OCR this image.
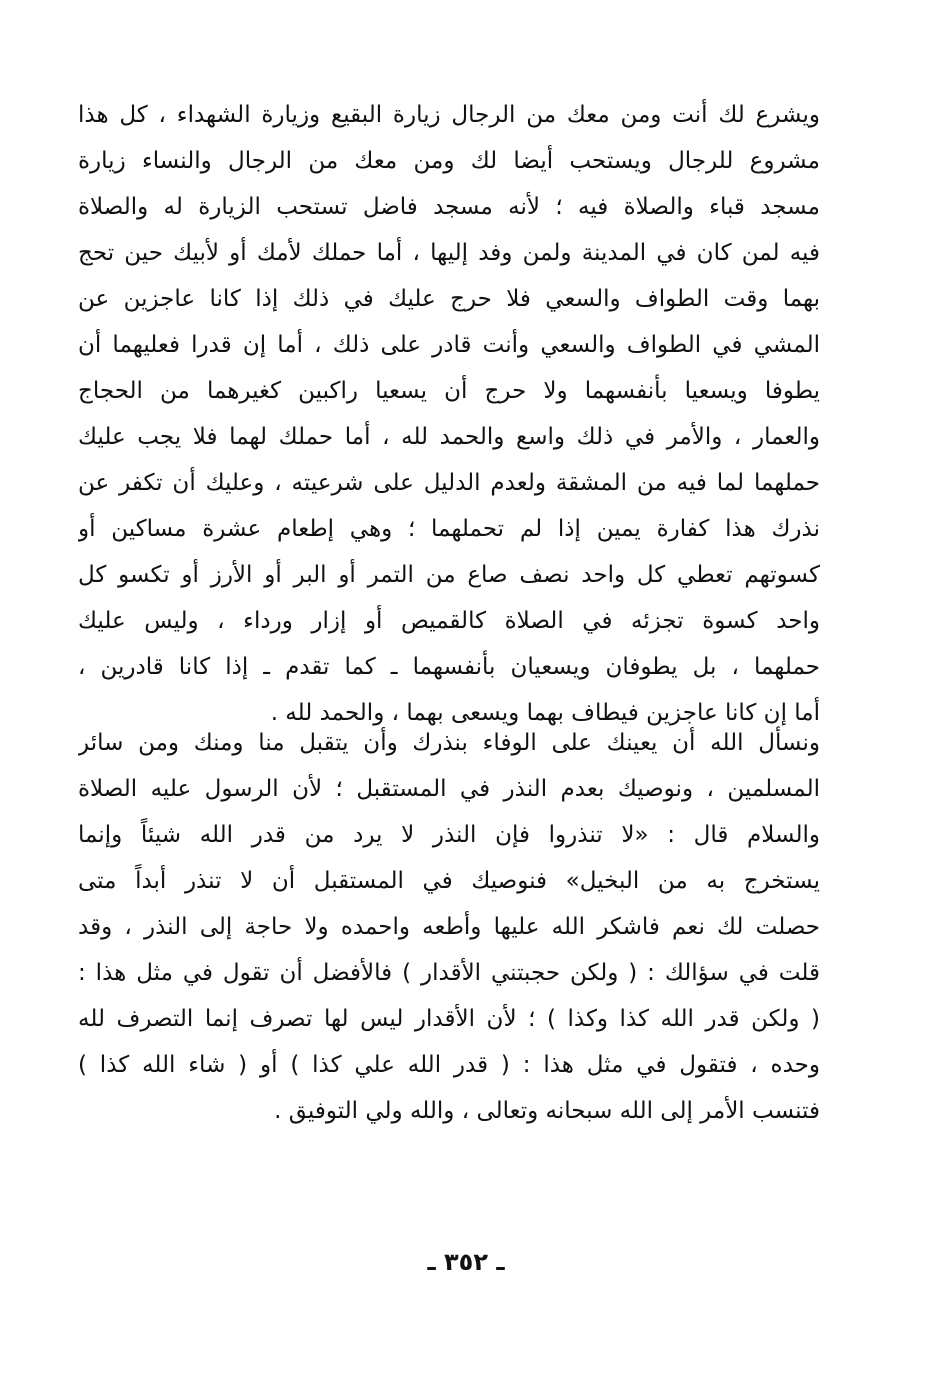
ويشرع لك أنت ومن معك من الرجال زيارة البقيع وزيارة الشهداء ، كل هذا
مشروع للرجال ويستحب أيضا لك ومن معك من الرجال والنساء زيارة
مسجد قباء والصلاة فيه ؛ لأنه مسجد فاضل تستحب الزيارة له والصلاة
فيه لمن كان في المدينة ولمن وفد إليها ، أما حملك لأمك أو لأبيك حين تحج
بهما وقت الطواف والسعي فلا حرج عليك في ذلك إذا كانا عاجزين عن
المشي في الطواف والسعي وأنت قادر على ذلك ، أما إن قدرا فعليهما أن
يطوفا ويسعيا بأنفسهما ولا حرج أن يسعيا راكبين كغيرهما من الحجاج
والعمار ، والأمر في ذلك واسع والحمد لله ، أما حملك لهما فلا يجب عليك
حملهما لما فيه من المشقة ولعدم الدليل على شرعيته ، وعليك أن تكفر عن
نذرك هذا كفارة يمين إذا لم تحملهما ؛ وهي إطعام عشرة مساكين أو
كسوتهم تعطي كل واحد نصف صاع من التمر أو البر أو الأرز أو تكسو كل
واحد كسوة تجزئه في الصلاة كالقميص أو إزار ورداء ، وليس عليك
حملهما ، بل يطوفان ويسعيان بأنفسهما ـ كما تقدم ـ إذا كانا قادرين ،
أما إن كانا عاجزين فيطاف بهما ويسعى بهما ، والحمد لله .
ونسأل الله أن يعينك على الوفاء بنذرك وأن يتقبل منا ومنك ومن سائر
المسلمين ، ونوصيك بعدم النذر في المستقبل ؛ لأن الرسول عليه الصلاة
والسلام قال : «لا تنذروا فإن النذر لا يرد من قدر الله شيئاً وإنما
يستخرج به من البخيل» فنوصيك في المستقبل أن لا تنذر أبداً متى
حصلت لك نعم فاشكر الله عليها وأطعه واحمده ولا حاجة إلى النذر ، وقد
قلت في سؤالك : ( ولكن حجبتني الأقدار ) فالأفضل أن تقول في مثل هذا :
( ولكن قدر الله كذا وكذا ) ؛ لأن الأقدار ليس لها تصرف إنما التصرف لله
وحده ، فتقول في مثل هذا : ( قدر الله علي كذا ) أو ( شاء الله كذا )
فتنسب الأمر إلى الله سبحانه وتعالى ، والله ولي التوفيق .
ـ ٣٥٢ ـ
